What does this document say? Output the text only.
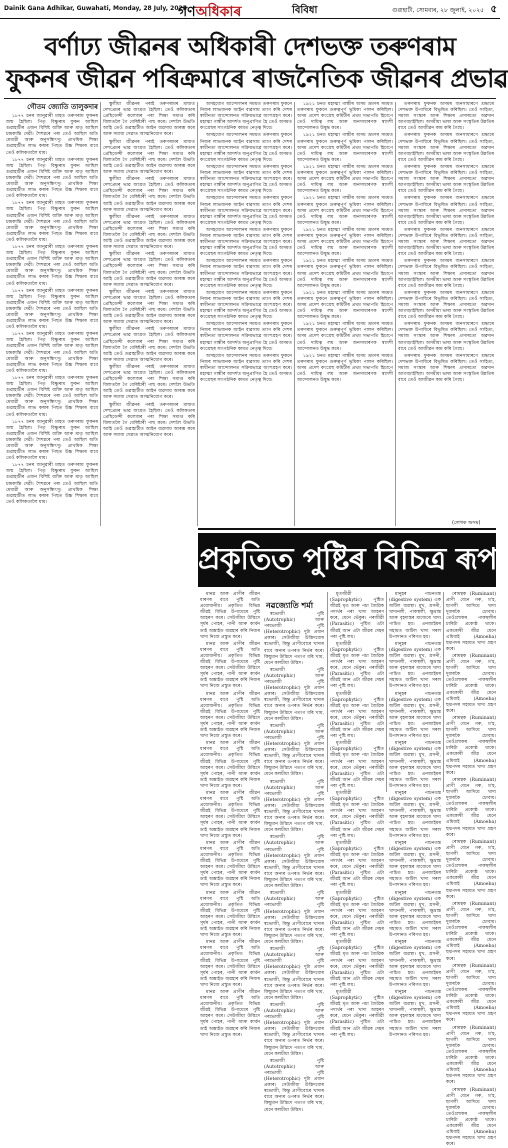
Dainik Gana Adhikar, Guwahati, Monday, 28 July, 2025
গণঅধিকাৰ	বিবিধা	গুৱাহাটী, সোমবাৰ, ২৮ জুলাই, ২০২৫ ৫
বৰ্ণাঢ্য জীৱনৰ অধিকাৰী দেশভক্ত তৰুণৰাম
ফুকনৰ জীৱন পৰিক্ৰমাৰে ৰাজনৈতিক জীৱনৰ প্ৰভাৱ
গৌতম জ্যোতি তালুকদাৰ

১৮৭৭ চনৰ জানুৱাৰী মাহত তৰুণৰাম ফুকনৰ জন্ম হৈছিল। পিতৃ বিষ্ণুৰাম ফুকন আছিল গুৱাহাটীৰ এজন বিশিষ্ট ব্যক্তি আৰু মাতৃ আছিল চন্দ্ৰকান্তি দেৱী। শৈশৱৰে পৰা তেওঁ আছিল অতি মেধাৱী আৰু অনুসন্ধিৎসু। প্ৰাথমিক শিক্ষা গুৱাহাটীত লাভ কৰাৰ পিছত উচ্চ শিক্ষাৰ বাবে তেওঁ কলিকতালৈ যায়।

১৮৭৭ চনৰ জানুৱাৰী মাহত তৰুণৰাম ফুকনৰ জন্ম হৈছিল। পিতৃ বিষ্ণুৰাম ফুকন আছিল গুৱাহাটীৰ এজন বিশিষ্ট ব্যক্তি আৰু মাতৃ আছিল চন্দ্ৰকান্তি দেৱী। শৈশৱৰে পৰা তেওঁ আছিল অতি মেধাৱী আৰু অনুসন্ধিৎসু। প্ৰাথমিক শিক্ষা গুৱাহাটীত লাভ কৰাৰ পিছত উচ্চ শিক্ষাৰ বাবে তেওঁ কলিকতালৈ যায়।

১৮৭৭ চনৰ জানুৱাৰী মাহত তৰুণৰাম ফুকনৰ জন্ম হৈছিল। পিতৃ বিষ্ণুৰাম ফুকন আছিল গুৱাহাটীৰ এজন বিশিষ্ট ব্যক্তি আৰু মাতৃ আছিল চন্দ্ৰকান্তি দেৱী। শৈশৱৰে পৰা তেওঁ আছিল অতি মেধাৱী আৰু অনুসন্ধিৎসু। প্ৰাথমিক শিক্ষা গুৱাহাটীত লাভ কৰাৰ পিছত উচ্চ শিক্ষাৰ বাবে তেওঁ কলিকতালৈ যায়।

১৮৭৭ চনৰ জানুৱাৰী মাহত তৰুণৰাম ফুকনৰ জন্ম হৈছিল। পিতৃ বিষ্ণুৰাম ফুকন আছিল গুৱাহাটীৰ এজন বিশিষ্ট ব্যক্তি আৰু মাতৃ আছিল চন্দ্ৰকান্তি দেৱী। শৈশৱৰে পৰা তেওঁ আছিল অতি মেধাৱী আৰু অনুসন্ধিৎসু। প্ৰাথমিক শিক্ষা গুৱাহাটীত লাভ কৰাৰ পিছত উচ্চ শিক্ষাৰ বাবে তেওঁ কলিকতালৈ যায়।

১৮৭৭ চনৰ জানুৱাৰী মাহত তৰুণৰাম ফুকনৰ জন্ম হৈছিল। পিতৃ বিষ্ণুৰাম ফুকন আছিল গুৱাহাটীৰ এজন বিশিষ্ট ব্যক্তি আৰু মাতৃ আছিল চন্দ্ৰকান্তি দেৱী। শৈশৱৰে পৰা তেওঁ আছিল অতি মেধাৱী আৰু অনুসন্ধিৎসু। প্ৰাথমিক শিক্ষা গুৱাহাটীত লাভ কৰাৰ পিছত উচ্চ শিক্ষাৰ বাবে তেওঁ কলিকতালৈ যায়।

১৮৭৭ চনৰ জানুৱাৰী মাহত তৰুণৰাম ফুকনৰ জন্ম হৈছিল। পিতৃ বিষ্ণুৰাম ফুকন আছিল গুৱাহাটীৰ এজন বিশিষ্ট ব্যক্তি আৰু মাতৃ আছিল চন্দ্ৰকান্তি দেৱী। শৈশৱৰে পৰা তেওঁ আছিল অতি মেধাৱী আৰু অনুসন্ধিৎসু। প্ৰাথমিক শিক্ষা গুৱাহাটীত লাভ কৰাৰ পিছত উচ্চ শিক্ষাৰ বাবে তেওঁ কলিকতালৈ যায়।

১৮৭৭ চনৰ জানুৱাৰী মাহত তৰুণৰাম ফুকনৰ জন্ম হৈছিল। পিতৃ বিষ্ণুৰাম ফুকন আছিল গুৱাহাটীৰ এজন বিশিষ্ট ব্যক্তি আৰু মাতৃ আছিল চন্দ্ৰকান্তি দেৱী। শৈশৱৰে পৰা তেওঁ আছিল অতি মেধাৱী আৰু অনুসন্ধিৎসু। প্ৰাথমিক শিক্ষা গুৱাহাটীত লাভ কৰাৰ পিছত উচ্চ শিক্ষাৰ বাবে তেওঁ কলিকতালৈ যায়।

১৮৭৭ চনৰ জানুৱাৰী মাহত তৰুণৰাম ফুকনৰ জন্ম হৈছিল। পিতৃ বিষ্ণুৰাম ফুকন আছিল গুৱাহাটীৰ এজন বিশিষ্ট ব্যক্তি আৰু মাতৃ আছিল চন্দ্ৰকান্তি দেৱী। শৈশৱৰে পৰা তেওঁ আছিল অতি মেধাৱী আৰু অনুসন্ধিৎসু। প্ৰাথমিক শিক্ষা গুৱাহাটীত লাভ কৰাৰ পিছত উচ্চ শিক্ষাৰ বাবে তেওঁ কলিকতালৈ যায়।

১৮৭৭ চনৰ জানুৱাৰী মাহত তৰুণৰাম ফুকনৰ জন্ম হৈছিল। পিতৃ বিষ্ণুৰাম ফুকন আছিল গুৱাহাটীৰ এজন বিশিষ্ট ব্যক্তি আৰু মাতৃ আছিল চন্দ্ৰকান্তি দেৱী। শৈশৱৰে পৰা তেওঁ আছিল অতি মেধাৱী আৰু অনুসন্ধিৎসু। প্ৰাথমিক শিক্ষা গুৱাহাটীত লাভ কৰাৰ পিছত উচ্চ শিক্ষাৰ বাবে তেওঁ কলিকতালৈ যায়।

স্কুলীয়া জীৱনৰ পৰাই তৰুণৰামৰ মাজত দেশপ্ৰেমৰ ভাৱ জাগ্ৰত হৈছিল। তেওঁ কলিকতাৰ প্ৰেছিডেন্সী কলেজৰ পৰা শিক্ষা সমাপ্ত কৰি বিলাতলৈ গৈ বেৰিষ্টাৰী পাছ কৰে। দেশলৈ উভতি আহি তেওঁ গুৱাহাটীত আইন ব্যৱসায় আৰম্ভ কৰে আৰু সমাজ সেৱাত আত্মনিয়োগ কৰে।

স্কুলীয়া জীৱনৰ পৰাই তৰুণৰামৰ মাজত দেশপ্ৰেমৰ ভাৱ জাগ্ৰত হৈছিল। তেওঁ কলিকতাৰ প্ৰেছিডেন্সী কলেজৰ পৰা শিক্ষা সমাপ্ত কৰি বিলাতলৈ গৈ বেৰিষ্টাৰী পাছ কৰে। দেশলৈ উভতি আহি তেওঁ গুৱাহাটীত আইন ব্যৱসায় আৰম্ভ কৰে আৰু সমাজ সেৱাত আত্মনিয়োগ কৰে।

স্কুলীয়া জীৱনৰ পৰাই তৰুণৰামৰ মাজত দেশপ্ৰেমৰ ভাৱ জাগ্ৰত হৈছিল। তেওঁ কলিকতাৰ প্ৰেছিডেন্সী কলেজৰ পৰা শিক্ষা সমাপ্ত কৰি বিলাতলৈ গৈ বেৰিষ্টাৰী পাছ কৰে। দেশলৈ উভতি আহি তেওঁ গুৱাহাটীত আইন ব্যৱসায় আৰম্ভ কৰে আৰু সমাজ সেৱাত আত্মনিয়োগ কৰে।

স্কুলীয়া জীৱনৰ পৰাই তৰুণৰামৰ মাজত দেশপ্ৰেমৰ ভাৱ জাগ্ৰত হৈছিল। তেওঁ কলিকতাৰ প্ৰেছিডেন্সী কলেজৰ পৰা শিক্ষা সমাপ্ত কৰি বিলাতলৈ গৈ বেৰিষ্টাৰী পাছ কৰে। দেশলৈ উভতি আহি তেওঁ গুৱাহাটীত আইন ব্যৱসায় আৰম্ভ কৰে আৰু সমাজ সেৱাত আত্মনিয়োগ কৰে।

স্কুলীয়া জীৱনৰ পৰাই তৰুণৰামৰ মাজত দেশপ্ৰেমৰ ভাৱ জাগ্ৰত হৈছিল। তেওঁ কলিকতাৰ প্ৰেছিডেন্সী কলেজৰ পৰা শিক্ষা সমাপ্ত কৰি বিলাতলৈ গৈ বেৰিষ্টাৰী পাছ কৰে। দেশলৈ উভতি আহি তেওঁ গুৱাহাটীত আইন ব্যৱসায় আৰম্ভ কৰে আৰু সমাজ সেৱাত আত্মনিয়োগ কৰে।

স্কুলীয়া জীৱনৰ পৰাই তৰুণৰামৰ মাজত দেশপ্ৰেমৰ ভাৱ জাগ্ৰত হৈছিল। তেওঁ কলিকতাৰ প্ৰেছিডেন্সী কলেজৰ পৰা শিক্ষা সমাপ্ত কৰি বিলাতলৈ গৈ বেৰিষ্টাৰী পাছ কৰে। দেশলৈ উভতি আহি তেওঁ গুৱাহাটীত আইন ব্যৱসায় আৰম্ভ কৰে আৰু সমাজ সেৱাত আত্মনিয়োগ কৰে।

স্কুলীয়া জীৱনৰ পৰাই তৰুণৰামৰ মাজত দেশপ্ৰেমৰ ভাৱ জাগ্ৰত হৈছিল। তেওঁ কলিকতাৰ প্ৰেছিডেন্সী কলেজৰ পৰা শিক্ষা সমাপ্ত কৰি বিলাতলৈ গৈ বেৰিষ্টাৰী পাছ কৰে। দেশলৈ উভতি আহি তেওঁ গুৱাহাটীত আইন ব্যৱসায় আৰম্ভ কৰে আৰু সমাজ সেৱাত আত্মনিয়োগ কৰে।

স্কুলীয়া জীৱনৰ পৰাই তৰুণৰামৰ মাজত দেশপ্ৰেমৰ ভাৱ জাগ্ৰত হৈছিল। তেওঁ কলিকতাৰ প্ৰেছিডেন্সী কলেজৰ পৰা শিক্ষা সমাপ্ত কৰি বিলাতলৈ গৈ বেৰিষ্টাৰী পাছ কৰে। দেশলৈ উভতি আহি তেওঁ গুৱাহাটীত আইন ব্যৱসায় আৰম্ভ কৰে আৰু সমাজ সেৱাত আত্মনিয়োগ কৰে।

স্কুলীয়া জীৱনৰ পৰাই তৰুণৰামৰ মাজত দেশপ্ৰেমৰ ভাৱ জাগ্ৰত হৈছিল। তেওঁ কলিকতাৰ প্ৰেছিডেন্সী কলেজৰ পৰা শিক্ষা সমাপ্ত কৰি বিলাতলৈ গৈ বেৰিষ্টাৰী পাছ কৰে। দেশলৈ উভতি আহি তেওঁ গুৱাহাটীত আইন ব্যৱসায় আৰম্ভ কৰে আৰু সমাজ সেৱাত আত্মনিয়োগ কৰে।

অসহযোগ আন্দোলনৰ সময়ত তৰুণৰাম ফুকনে নিজৰ লাভজনক আইন ব্যৱসায় ত্যাগ কৰি দেশৰ স্বাধীনতা আন্দোলনত সক্ৰিয়ভাৱে অংশগ্ৰহণ কৰে। মহাত্মা গান্ধীৰ আদৰ্শত অনুপ্ৰাণিত হৈ তেওঁ অসমত কংগ্ৰেছৰ সাংগঠনিক কামত নেতৃত্ব দিয়ে।

অসহযোগ আন্দোলনৰ সময়ত তৰুণৰাম ফুকনে নিজৰ লাভজনক আইন ব্যৱসায় ত্যাগ কৰি দেশৰ স্বাধীনতা আন্দোলনত সক্ৰিয়ভাৱে অংশগ্ৰহণ কৰে। মহাত্মা গান্ধীৰ আদৰ্শত অনুপ্ৰাণিত হৈ তেওঁ অসমত কংগ্ৰেছৰ সাংগঠনিক কামত নেতৃত্ব দিয়ে।

অসহযোগ আন্দোলনৰ সময়ত তৰুণৰাম ফুকনে নিজৰ লাভজনক আইন ব্যৱসায় ত্যাগ কৰি দেশৰ স্বাধীনতা আন্দোলনত সক্ৰিয়ভাৱে অংশগ্ৰহণ কৰে। মহাত্মা গান্ধীৰ আদৰ্শত অনুপ্ৰাণিত হৈ তেওঁ অসমত কংগ্ৰেছৰ সাংগঠনিক কামত নেতৃত্ব দিয়ে।

অসহযোগ আন্দোলনৰ সময়ত তৰুণৰাম ফুকনে নিজৰ লাভজনক আইন ব্যৱসায় ত্যাগ কৰি দেশৰ স্বাধীনতা আন্দোলনত সক্ৰিয়ভাৱে অংশগ্ৰহণ কৰে। মহাত্মা গান্ধীৰ আদৰ্শত অনুপ্ৰাণিত হৈ তেওঁ অসমত কংগ্ৰেছৰ সাংগঠনিক কামত নেতৃত্ব দিয়ে।

অসহযোগ আন্দোলনৰ সময়ত তৰুণৰাম ফুকনে নিজৰ লাভজনক আইন ব্যৱসায় ত্যাগ কৰি দেশৰ স্বাধীনতা আন্দোলনত সক্ৰিয়ভাৱে অংশগ্ৰহণ কৰে। মহাত্মা গান্ধীৰ আদৰ্শত অনুপ্ৰাণিত হৈ তেওঁ অসমত কংগ্ৰেছৰ সাংগঠনিক কামত নেতৃত্ব দিয়ে।

অসহযোগ আন্দোলনৰ সময়ত তৰুণৰাম ফুকনে নিজৰ লাভজনক আইন ব্যৱসায় ত্যাগ কৰি দেশৰ স্বাধীনতা আন্দোলনত সক্ৰিয়ভাৱে অংশগ্ৰহণ কৰে। মহাত্মা গান্ধীৰ আদৰ্শত অনুপ্ৰাণিত হৈ তেওঁ অসমত কংগ্ৰেছৰ সাংগঠনিক কামত নেতৃত্ব দিয়ে।

অসহযোগ আন্দোলনৰ সময়ত তৰুণৰাম ফুকনে নিজৰ লাভজনক আইন ব্যৱসায় ত্যাগ কৰি দেশৰ স্বাধীনতা আন্দোলনত সক্ৰিয়ভাৱে অংশগ্ৰহণ কৰে। মহাত্মা গান্ধীৰ আদৰ্শত অনুপ্ৰাণিত হৈ তেওঁ অসমত কংগ্ৰেছৰ সাংগঠনিক কামত নেতৃত্ব দিয়ে।

অসহযোগ আন্দোলনৰ সময়ত তৰুণৰাম ফুকনে নিজৰ লাভজনক আইন ব্যৱসায় ত্যাগ কৰি দেশৰ স্বাধীনতা আন্দোলনত সক্ৰিয়ভাৱে অংশগ্ৰহণ কৰে। মহাত্মা গান্ধীৰ আদৰ্শত অনুপ্ৰাণিত হৈ তেওঁ অসমত কংগ্ৰেছৰ সাংগঠনিক কামত নেতৃত্ব দিয়ে।

অসহযোগ আন্দোলনৰ সময়ত তৰুণৰাম ফুকনে নিজৰ লাভজনক আইন ব্যৱসায় ত্যাগ কৰি দেশৰ স্বাধীনতা আন্দোলনত সক্ৰিয়ভাৱে অংশগ্ৰহণ কৰে। মহাত্মা গান্ধীৰ আদৰ্শত অনুপ্ৰাণিত হৈ তেওঁ অসমত কংগ্ৰেছৰ সাংগঠনিক কামত নেতৃত্ব দিয়ে।

১৯২১ চনত মহাত্মা গান্ধীৰ অসম ভ্ৰমণৰ সময়ত তৰুণৰাম ফুকনে গুৰুত্বপূৰ্ণ ভূমিকা পালন কৰিছিল। অসম প্ৰদেশ কংগ্ৰেছ কমিটীৰ প্ৰথম সভাপতি হিচাপে তেওঁ দায়িত্ব লয় আৰু জনসাধাৰণক স্বদেশী আন্দোলনত উদ্বুদ্ধ কৰে।

১৯২১ চনত মহাত্মা গান্ধীৰ অসম ভ্ৰমণৰ সময়ত তৰুণৰাম ফুকনে গুৰুত্বপূৰ্ণ ভূমিকা পালন কৰিছিল। অসম প্ৰদেশ কংগ্ৰেছ কমিটীৰ প্ৰথম সভাপতি হিচাপে তেওঁ দায়িত্ব লয় আৰু জনসাধাৰণক স্বদেশী আন্দোলনত উদ্বুদ্ধ কৰে।

১৯২১ চনত মহাত্মা গান্ধীৰ অসম ভ্ৰমণৰ সময়ত তৰুণৰাম ফুকনে গুৰুত্বপূৰ্ণ ভূমিকা পালন কৰিছিল। অসম প্ৰদেশ কংগ্ৰেছ কমিটীৰ প্ৰথম সভাপতি হিচাপে তেওঁ দায়িত্ব লয় আৰু জনসাধাৰণক স্বদেশী আন্দোলনত উদ্বুদ্ধ কৰে।

১৯২১ চনত মহাত্মা গান্ধীৰ অসম ভ্ৰমণৰ সময়ত তৰুণৰাম ফুকনে গুৰুত্বপূৰ্ণ ভূমিকা পালন কৰিছিল। অসম প্ৰদেশ কংগ্ৰেছ কমিটীৰ প্ৰথম সভাপতি হিচাপে তেওঁ দায়িত্ব লয় আৰু জনসাধাৰণক স্বদেশী আন্দোলনত উদ্বুদ্ধ কৰে।

১৯২১ চনত মহাত্মা গান্ধীৰ অসম ভ্ৰমণৰ সময়ত তৰুণৰাম ফুকনে গুৰুত্বপূৰ্ণ ভূমিকা পালন কৰিছিল। অসম প্ৰদেশ কংগ্ৰেছ কমিটীৰ প্ৰথম সভাপতি হিচাপে তেওঁ দায়িত্ব লয় আৰু জনসাধাৰণক স্বদেশী আন্দোলনত উদ্বুদ্ধ কৰে।

১৯২১ চনত মহাত্মা গান্ধীৰ অসম ভ্ৰমণৰ সময়ত তৰুণৰাম ফুকনে গুৰুত্বপূৰ্ণ ভূমিকা পালন কৰিছিল। অসম প্ৰদেশ কংগ্ৰেছ কমিটীৰ প্ৰথম সভাপতি হিচাপে তেওঁ দায়িত্ব লয় আৰু জনসাধাৰণক স্বদেশী আন্দোলনত উদ্বুদ্ধ কৰে।

১৯২১ চনত মহাত্মা গান্ধীৰ অসম ভ্ৰমণৰ সময়ত তৰুণৰাম ফুকনে গুৰুত্বপূৰ্ণ ভূমিকা পালন কৰিছিল। অসম প্ৰদেশ কংগ্ৰেছ কমিটীৰ প্ৰথম সভাপতি হিচাপে তেওঁ দায়িত্ব লয় আৰু জনসাধাৰণক স্বদেশী আন্দোলনত উদ্বুদ্ধ কৰে।

১৯২১ চনত মহাত্মা গান্ধীৰ অসম ভ্ৰমণৰ সময়ত তৰুণৰাম ফুকনে গুৰুত্বপূৰ্ণ ভূমিকা পালন কৰিছিল। অসম প্ৰদেশ কংগ্ৰেছ কমিটীৰ প্ৰথম সভাপতি হিচাপে তেওঁ দায়িত্ব লয় আৰু জনসাধাৰণক স্বদেশী আন্দোলনত উদ্বুদ্ধ কৰে।

১৯২১ চনত মহাত্মা গান্ধীৰ অসম ভ্ৰমণৰ সময়ত তৰুণৰাম ফুকনে গুৰুত্বপূৰ্ণ ভূমিকা পালন কৰিছিল। অসম প্ৰদেশ কংগ্ৰেছ কমিটীৰ প্ৰথম সভাপতি হিচাপে তেওঁ দায়িত্ব লয় আৰু জনসাধাৰণক স্বদেশী আন্দোলনত উদ্বুদ্ধ কৰে।

তৰুণৰাম ফুকনক অসমৰ জনসাধাৰণে শ্ৰদ্ধাৰে দেশভক্ত উপাধিৰে বিভূষিত কৰিছিল। তেওঁ সাহিত্য, সমাজ সংস্কাৰ আৰু শিক্ষাৰ প্ৰসাৰতো অৱদান আগবঢ়াইছিল। অসমীয়া ভাষা আৰু সংস্কৃতিৰ উন্নতিৰ বাবে তেওঁ আজীৱন কাম কৰি গৈছে।

তৰুণৰাম ফুকনক অসমৰ জনসাধাৰণে শ্ৰদ্ধাৰে দেশভক্ত উপাধিৰে বিভূষিত কৰিছিল। তেওঁ সাহিত্য, সমাজ সংস্কাৰ আৰু শিক্ষাৰ প্ৰসাৰতো অৱদান আগবঢ়াইছিল। অসমীয়া ভাষা আৰু সংস্কৃতিৰ উন্নতিৰ বাবে তেওঁ আজীৱন কাম কৰি গৈছে।

তৰুণৰাম ফুকনক অসমৰ জনসাধাৰণে শ্ৰদ্ধাৰে দেশভক্ত উপাধিৰে বিভূষিত কৰিছিল। তেওঁ সাহিত্য, সমাজ সংস্কাৰ আৰু শিক্ষাৰ প্ৰসাৰতো অৱদান আগবঢ়াইছিল। অসমীয়া ভাষা আৰু সংস্কৃতিৰ উন্নতিৰ বাবে তেওঁ আজীৱন কাম কৰি গৈছে।

তৰুণৰাম ফুকনক অসমৰ জনসাধাৰণে শ্ৰদ্ধাৰে দেশভক্ত উপাধিৰে বিভূষিত কৰিছিল। তেওঁ সাহিত্য, সমাজ সংস্কাৰ আৰু শিক্ষাৰ প্ৰসাৰতো অৱদান আগবঢ়াইছিল। অসমীয়া ভাষা আৰু সংস্কৃতিৰ উন্নতিৰ বাবে তেওঁ আজীৱন কাম কৰি গৈছে।

তৰুণৰাম ফুকনক অসমৰ জনসাধাৰণে শ্ৰদ্ধাৰে দেশভক্ত উপাধিৰে বিভূষিত কৰিছিল। তেওঁ সাহিত্য, সমাজ সংস্কাৰ আৰু শিক্ষাৰ প্ৰসাৰতো অৱদান আগবঢ়াইছিল। অসমীয়া ভাষা আৰু সংস্কৃতিৰ উন্নতিৰ বাবে তেওঁ আজীৱন কাম কৰি গৈছে।

তৰুণৰাম ফুকনক অসমৰ জনসাধাৰণে শ্ৰদ্ধাৰে দেশভক্ত উপাধিৰে বিভূষিত কৰিছিল। তেওঁ সাহিত্য, সমাজ সংস্কাৰ আৰু শিক্ষাৰ প্ৰসাৰতো অৱদান আগবঢ়াইছিল। অসমীয়া ভাষা আৰু সংস্কৃতিৰ উন্নতিৰ বাবে তেওঁ আজীৱন কাম কৰি গৈছে।

তৰুণৰাম ফুকনক অসমৰ জনসাধাৰণে শ্ৰদ্ধাৰে দেশভক্ত উপাধিৰে বিভূষিত কৰিছিল। তেওঁ সাহিত্য, সমাজ সংস্কাৰ আৰু শিক্ষাৰ প্ৰসাৰতো অৱদান আগবঢ়াইছিল। অসমীয়া ভাষা আৰু সংস্কৃতিৰ উন্নতিৰ বাবে তেওঁ আজীৱন কাম কৰি গৈছে।

তৰুণৰাম ফুকনক অসমৰ জনসাধাৰণে শ্ৰদ্ধাৰে দেশভক্ত উপাধিৰে বিভূষিত কৰিছিল। তেওঁ সাহিত্য, সমাজ সংস্কাৰ আৰু শিক্ষাৰ প্ৰসাৰতো অৱদান আগবঢ়াইছিল। অসমীয়া ভাষা আৰু সংস্কৃতিৰ উন্নতিৰ বাবে তেওঁ আজীৱন কাম কৰি গৈছে।

তৰুণৰাম ফুকনক অসমৰ জনসাধাৰণে শ্ৰদ্ধাৰে দেশভক্ত উপাধিৰে বিভূষিত কৰিছিল। তেওঁ সাহিত্য, সমাজ সংস্কাৰ আৰু শিক্ষাৰ প্ৰসাৰতো অৱদান আগবঢ়াইছিল। অসমীয়া ভাষা আৰু সংস্কৃতিৰ উন্নতিৰ বাবে তেওঁ আজীৱন কাম কৰি গৈছে।

(লেখক অসম)
প্ৰকৃতিত পুষ্টিৰ বিচিত্ৰ ৰূপ

মানৱ আৰু প্ৰাণীৰ জীৱন ধাৰণৰ বাবে পুষ্টি অতি প্ৰয়োজনীয়। প্ৰকৃতিত বিভিন্ন জীৱই বিভিন্ন উপায়েৰে পুষ্টি আহৰণ কৰে। সেউজীয়া উদ্ভিদে সূৰ্যৰ পোহৰ, পানী আৰু কাৰ্বন ডাই অক্সাইড ব্যৱহাৰ কৰি নিজৰ খাদ্য নিজে প্ৰস্তুত কৰে।

মানৱ আৰু প্ৰাণীৰ জীৱন ধাৰণৰ বাবে পুষ্টি অতি প্ৰয়োজনীয়। প্ৰকৃতিত বিভিন্ন জীৱই বিভিন্ন উপায়েৰে পুষ্টি আহৰণ কৰে। সেউজীয়া উদ্ভিদে সূৰ্যৰ পোহৰ, পানী আৰু কাৰ্বন ডাই অক্সাইড ব্যৱহাৰ কৰি নিজৰ খাদ্য নিজে প্ৰস্তুত কৰে।

মানৱ আৰু প্ৰাণীৰ জীৱন ধাৰণৰ বাবে পুষ্টি অতি প্ৰয়োজনীয়। প্ৰকৃতিত বিভিন্ন জীৱই বিভিন্ন উপায়েৰে পুষ্টি আহৰণ কৰে। সেউজীয়া উদ্ভিদে সূৰ্যৰ পোহৰ, পানী আৰু কাৰ্বন ডাই অক্সাইড ব্যৱহাৰ কৰি নিজৰ খাদ্য নিজে প্ৰস্তুত কৰে।

মানৱ আৰু প্ৰাণীৰ জীৱন ধাৰণৰ বাবে পুষ্টি অতি প্ৰয়োজনীয়। প্ৰকৃতিত বিভিন্ন জীৱই বিভিন্ন উপায়েৰে পুষ্টি আহৰণ কৰে। সেউজীয়া উদ্ভিদে সূৰ্যৰ পোহৰ, পানী আৰু কাৰ্বন ডাই অক্সাইড ব্যৱহাৰ কৰি নিজৰ খাদ্য নিজে প্ৰস্তুত কৰে।

মানৱ আৰু প্ৰাণীৰ জীৱন ধাৰণৰ বাবে পুষ্টি অতি প্ৰয়োজনীয়। প্ৰকৃতিত বিভিন্ন জীৱই বিভিন্ন উপায়েৰে পুষ্টি আহৰণ কৰে। সেউজীয়া উদ্ভিদে সূৰ্যৰ পোহৰ, পানী আৰু কাৰ্বন ডাই অক্সাইড ব্যৱহাৰ কৰি নিজৰ খাদ্য নিজে প্ৰস্তুত কৰে।

মানৱ আৰু প্ৰাণীৰ জীৱন ধাৰণৰ বাবে পুষ্টি অতি প্ৰয়োজনীয়। প্ৰকৃতিত বিভিন্ন জীৱই বিভিন্ন উপায়েৰে পুষ্টি আহৰণ কৰে। সেউজীয়া উদ্ভিদে সূৰ্যৰ পোহৰ, পানী আৰু কাৰ্বন ডাই অক্সাইড ব্যৱহাৰ কৰি নিজৰ খাদ্য নিজে প্ৰস্তুত কৰে।

মানৱ আৰু প্ৰাণীৰ জীৱন ধাৰণৰ বাবে পুষ্টি অতি প্ৰয়োজনীয়। প্ৰকৃতিত বিভিন্ন জীৱই বিভিন্ন উপায়েৰে পুষ্টি আহৰণ কৰে। সেউজীয়া উদ্ভিদে সূৰ্যৰ পোহৰ, পানী আৰু কাৰ্বন ডাই অক্সাইড ব্যৱহাৰ কৰি নিজৰ খাদ্য নিজে প্ৰস্তুত কৰে।

মানৱ আৰু প্ৰাণীৰ জীৱন ধাৰণৰ বাবে পুষ্টি অতি প্ৰয়োজনীয়। প্ৰকৃতিত বিভিন্ন জীৱই বিভিন্ন উপায়েৰে পুষ্টি আহৰণ কৰে। সেউজীয়া উদ্ভিদে সূৰ্যৰ পোহৰ, পানী আৰু কাৰ্বন ডাই অক্সাইড ব্যৱহাৰ কৰি নিজৰ খাদ্য নিজে প্ৰস্তুত কৰে।

মানৱ আৰু প্ৰাণীৰ জীৱন ধাৰণৰ বাবে পুষ্টি অতি প্ৰয়োজনীয়। প্ৰকৃতিত বিভিন্ন জীৱই বিভিন্ন উপায়েৰে পুষ্টি আহৰণ কৰে। সেউজীয়া উদ্ভিদে সূৰ্যৰ পোহৰ, পানী আৰু কাৰ্বন ডাই অক্সাইড ব্যৱহাৰ কৰি নিজৰ খাদ্য নিজে প্ৰস্তুত কৰে।

নৱজ্যোতি শৰ্মা

স্বভোজী পুষ্টি (Autotrophic) আৰু পৰভোজী পুষ্টি (Heterotrophic) দুটা প্ৰধান প্ৰকাৰ। সেউজীয়া উদ্ভিদবোৰ স্বভোজী, কিন্তু প্ৰাণীবোৰে খাদ্যৰ বাবে অন্যৰ ওপৰত নিৰ্ভৰ কৰে। কিছুমান উদ্ভিদে পতংগ ধৰি খায়, যেনে কলচীয়া উদ্ভিদ।

স্বভোজী পুষ্টি (Autotrophic) আৰু পৰভোজী পুষ্টি (Heterotrophic) দুটা প্ৰধান প্ৰকাৰ। সেউজীয়া উদ্ভিদবোৰ স্বভোজী, কিন্তু প্ৰাণীবোৰে খাদ্যৰ বাবে অন্যৰ ওপৰত নিৰ্ভৰ কৰে। কিছুমান উদ্ভিদে পতংগ ধৰি খায়, যেনে কলচীয়া উদ্ভিদ।

স্বভোজী পুষ্টি (Autotrophic) আৰু পৰভোজী পুষ্টি (Heterotrophic) দুটা প্ৰধান প্ৰকাৰ। সেউজীয়া উদ্ভিদবোৰ স্বভোজী, কিন্তু প্ৰাণীবোৰে খাদ্যৰ বাবে অন্যৰ ওপৰত নিৰ্ভৰ কৰে। কিছুমান উদ্ভিদে পতংগ ধৰি খায়, যেনে কলচীয়া উদ্ভিদ।

স্বভোজী পুষ্টি (Autotrophic) আৰু পৰভোজী পুষ্টি (Heterotrophic) দুটা প্ৰধান প্ৰকাৰ। সেউজীয়া উদ্ভিদবোৰ স্বভোজী, কিন্তু প্ৰাণীবোৰে খাদ্যৰ বাবে অন্যৰ ওপৰত নিৰ্ভৰ কৰে। কিছুমান উদ্ভিদে পতংগ ধৰি খায়, যেনে কলচীয়া উদ্ভিদ।

স্বভোজী পুষ্টি (Autotrophic) আৰু পৰভোজী পুষ্টি (Heterotrophic) দুটা প্ৰধান প্ৰকাৰ। সেউজীয়া উদ্ভিদবোৰ স্বভোজী, কিন্তু প্ৰাণীবোৰে খাদ্যৰ বাবে অন্যৰ ওপৰত নিৰ্ভৰ কৰে। কিছুমান উদ্ভিদে পতংগ ধৰি খায়, যেনে কলচীয়া উদ্ভিদ।

স্বভোজী পুষ্টি (Autotrophic) আৰু পৰভোজী পুষ্টি (Heterotrophic) দুটা প্ৰধান প্ৰকাৰ। সেউজীয়া উদ্ভিদবোৰ স্বভোজী, কিন্তু প্ৰাণীবোৰে খাদ্যৰ বাবে অন্যৰ ওপৰত নিৰ্ভৰ কৰে। কিছুমান উদ্ভিদে পতংগ ধৰি খায়, যেনে কলচীয়া উদ্ভিদ।

স্বভোজী পুষ্টি (Autotrophic) আৰু পৰভোজী পুষ্টি (Heterotrophic) দুটা প্ৰধান প্ৰকাৰ। সেউজীয়া উদ্ভিদবোৰ স্বভোজী, কিন্তু প্ৰাণীবোৰে খাদ্যৰ বাবে অন্যৰ ওপৰত নিৰ্ভৰ কৰে। কিছুমান উদ্ভিদে পতংগ ধৰি খায়, যেনে কলচীয়া উদ্ভিদ।

স্বভোজী পুষ্টি (Autotrophic) আৰু পৰভোজী পুষ্টি (Heterotrophic) দুটা প্ৰধান প্ৰকাৰ। সেউজীয়া উদ্ভিদবোৰ স্বভোজী, কিন্তু প্ৰাণীবোৰে খাদ্যৰ বাবে অন্যৰ ওপৰত নিৰ্ভৰ কৰে। কিছুমান উদ্ভিদে পতংগ ধৰি খায়, যেনে কলচীয়া উদ্ভিদ।

স্বভোজী পুষ্টি (Autotrophic) আৰু পৰভোজী পুষ্টি (Heterotrophic) দুটা প্ৰধান প্ৰকাৰ। সেউজীয়া উদ্ভিদবোৰ স্বভোজী, কিন্তু প্ৰাণীবোৰে খাদ্যৰ বাবে অন্যৰ ওপৰত নিৰ্ভৰ কৰে। কিছুমান উদ্ভিদে পতংগ ধৰি খায়, যেনে কলচীয়া উদ্ভিদ।

মূতজীৱী (Saprophytic) পুষ্টিত জীৱই মৃত আৰু পচা জৈৱিক পদাৰ্থৰ পৰা খাদ্য আহৰণ কৰে, যেনে ভেঁকুৰ। পৰজীৱী (Parasitic) পুষ্টিত এটা জীৱই আন এটা জীৱৰ দেহৰ পৰা পুষ্টি লয়।

মূতজীৱী (Saprophytic) পুষ্টিত জীৱই মৃত আৰু পচা জৈৱিক পদাৰ্থৰ পৰা খাদ্য আহৰণ কৰে, যেনে ভেঁকুৰ। পৰজীৱী (Parasitic) পুষ্টিত এটা জীৱই আন এটা জীৱৰ দেহৰ পৰা পুষ্টি লয়।

মূতজীৱী (Saprophytic) পুষ্টিত জীৱই মৃত আৰু পচা জৈৱিক পদাৰ্থৰ পৰা খাদ্য আহৰণ কৰে, যেনে ভেঁকুৰ। পৰজীৱী (Parasitic) পুষ্টিত এটা জীৱই আন এটা জীৱৰ দেহৰ পৰা পুষ্টি লয়।

মূতজীৱী (Saprophytic) পুষ্টিত জীৱই মৃত আৰু পচা জৈৱিক পদাৰ্থৰ পৰা খাদ্য আহৰণ কৰে, যেনে ভেঁকুৰ। পৰজীৱী (Parasitic) পুষ্টিত এটা জীৱই আন এটা জীৱৰ দেহৰ পৰা পুষ্টি লয়।

মূতজীৱী (Saprophytic) পুষ্টিত জীৱই মৃত আৰু পচা জৈৱিক পদাৰ্থৰ পৰা খাদ্য আহৰণ কৰে, যেনে ভেঁকুৰ। পৰজীৱী (Parasitic) পুষ্টিত এটা জীৱই আন এটা জীৱৰ দেহৰ পৰা পুষ্টি লয়।

মূতজীৱী (Saprophytic) পুষ্টিত জীৱই মৃত আৰু পচা জৈৱিক পদাৰ্থৰ পৰা খাদ্য আহৰণ কৰে, যেনে ভেঁকুৰ। পৰজীৱী (Parasitic) পুষ্টিত এটা জীৱই আন এটা জীৱৰ দেহৰ পৰা পুষ্টি লয়।

মূতজীৱী (Saprophytic) পুষ্টিত জীৱই মৃত আৰু পচা জৈৱিক পদাৰ্থৰ পৰা খাদ্য আহৰণ কৰে, যেনে ভেঁকুৰ। পৰজীৱী (Parasitic) পুষ্টিত এটা জীৱই আন এটা জীৱৰ দেহৰ পৰা পুষ্টি লয়।

মূতজীৱী (Saprophytic) পুষ্টিত জীৱই মৃত আৰু পচা জৈৱিক পদাৰ্থৰ পৰা খাদ্য আহৰণ কৰে, যেনে ভেঁকুৰ। পৰজীৱী (Parasitic) পুষ্টিত এটা জীৱই আন এটা জীৱৰ দেহৰ পৰা পুষ্টি লয়।

মূতজীৱী (Saprophytic) পুষ্টিত জীৱই মৃত আৰু পচা জৈৱিক পদাৰ্থৰ পৰা খাদ্য আহৰণ কৰে, যেনে ভেঁকুৰ। পৰজীৱী (Parasitic) পুষ্টিত এটা জীৱই আন এটা জীৱৰ দেহৰ পৰা পুষ্টি লয়।

মানুহৰ পাচনতন্ত্ৰ (digestive system) এক জটিল ব্যৱস্থা। মুখ, গ্ৰসনী, খাদ্যনলী, পাকস্থলী, ক্ষুদ্ৰান্ত্ৰ আৰু বৃহদান্ত্ৰৰ মাজেৰে খাদ্য পাচিত হয়। এনজাইমৰ সহায়ত জটিল খাদ্য সৰল উপাদানত পৰিণত হয়।

মানুহৰ পাচনতন্ত্ৰ (digestive system) এক জটিল ব্যৱস্থা। মুখ, গ্ৰসনী, খাদ্যনলী, পাকস্থলী, ক্ষুদ্ৰান্ত্ৰ আৰু বৃহদান্ত্ৰৰ মাজেৰে খাদ্য পাচিত হয়। এনজাইমৰ সহায়ত জটিল খাদ্য সৰল উপাদানত পৰিণত হয়।

মানুহৰ পাচনতন্ত্ৰ (digestive system) এক জটিল ব্যৱস্থা। মুখ, গ্ৰসনী, খাদ্যনলী, পাকস্থলী, ক্ষুদ্ৰান্ত্ৰ আৰু বৃহদান্ত্ৰৰ মাজেৰে খাদ্য পাচিত হয়। এনজাইমৰ সহায়ত জটিল খাদ্য সৰল উপাদানত পৰিণত হয়।

মানুহৰ পাচনতন্ত্ৰ (digestive system) এক জটিল ব্যৱস্থা। মুখ, গ্ৰসনী, খাদ্যনলী, পাকস্থলী, ক্ষুদ্ৰান্ত্ৰ আৰু বৃহদান্ত্ৰৰ মাজেৰে খাদ্য পাচিত হয়। এনজাইমৰ সহায়ত জটিল খাদ্য সৰল উপাদানত পৰিণত হয়।

মানুহৰ পাচনতন্ত্ৰ (digestive system) এক জটিল ব্যৱস্থা। মুখ, গ্ৰসনী, খাদ্যনলী, পাকস্থলী, ক্ষুদ্ৰান্ত্ৰ আৰু বৃহদান্ত্ৰৰ মাজেৰে খাদ্য পাচিত হয়। এনজাইমৰ সহায়ত জটিল খাদ্য সৰল উপাদানত পৰিণত হয়।

মানুহৰ পাচনতন্ত্ৰ (digestive system) এক জটিল ব্যৱস্থা। মুখ, গ্ৰসনী, খাদ্যনলী, পাকস্থলী, ক্ষুদ্ৰান্ত্ৰ আৰু বৃহদান্ত্ৰৰ মাজেৰে খাদ্য পাচিত হয়। এনজাইমৰ সহায়ত জটিল খাদ্য সৰল উপাদানত পৰিণত হয়।

মানুহৰ পাচনতন্ত্ৰ (digestive system) এক জটিল ব্যৱস্থা। মুখ, গ্ৰসনী, খাদ্যনলী, পাকস্থলী, ক্ষুদ্ৰান্ত্ৰ আৰু বৃহদান্ত্ৰৰ মাজেৰে খাদ্য পাচিত হয়। এনজাইমৰ সহায়ত জটিল খাদ্য সৰল উপাদানত পৰিণত হয়।

মানুহৰ পাচনতন্ত্ৰ (digestive system) এক জটিল ব্যৱস্থা। মুখ, গ্ৰসনী, খাদ্যনলী, পাকস্থলী, ক্ষুদ্ৰান্ত্ৰ আৰু বৃহদান্ত্ৰৰ মাজেৰে খাদ্য পাচিত হয়। এনজাইমৰ সহায়ত জটিল খাদ্য সৰল উপাদানত পৰিণত হয়।

মানুহৰ পাচনতন্ত্ৰ (digestive system) এক জটিল ব্যৱস্থা। মুখ, গ্ৰসনী, খাদ্যনলী, পাকস্থলী, ক্ষুদ্ৰান্ত্ৰ আৰু বৃহদান্ত্ৰৰ মাজেৰে খাদ্য পাচিত হয়। এনজাইমৰ সহায়ত জটিল খাদ্য সৰল উপাদানত পৰিণত হয়।

ৰোমন্থক (Ruminant) প্ৰাণী যেনে গৰু, ম'হ, ছাগলী আদিয়ে খাদ্য দুবাৰকৈ চোবায়। তেওঁলোকৰ পাকস্থলীৰ চাৰিটা প্ৰকোষ্ঠ থাকে। এককোষী জীৱ যেনে এমিবাই (Amoeba) ছদ্মপদৰ সহায়ত খাদ্য গ্ৰহণ কৰে।

ৰোমন্থক (Ruminant) প্ৰাণী যেনে গৰু, ম'হ, ছাগলী আদিয়ে খাদ্য দুবাৰকৈ চোবায়। তেওঁলোকৰ পাকস্থলীৰ চাৰিটা প্ৰকোষ্ঠ থাকে। এককোষী জীৱ যেনে এমিবাই (Amoeba) ছদ্মপদৰ সহায়ত খাদ্য গ্ৰহণ কৰে।

ৰোমন্থক (Ruminant) প্ৰাণী যেনে গৰু, ম'হ, ছাগলী আদিয়ে খাদ্য দুবাৰকৈ চোবায়। তেওঁলোকৰ পাকস্থলীৰ চাৰিটা প্ৰকোষ্ঠ থাকে। এককোষী জীৱ যেনে এমিবাই (Amoeba) ছদ্মপদৰ সহায়ত খাদ্য গ্ৰহণ কৰে।

ৰোমন্থক (Ruminant) প্ৰাণী যেনে গৰু, ম'হ, ছাগলী আদিয়ে খাদ্য দুবাৰকৈ চোবায়। তেওঁলোকৰ পাকস্থলীৰ চাৰিটা প্ৰকোষ্ঠ থাকে। এককোষী জীৱ যেনে এমিবাই (Amoeba) ছদ্মপদৰ সহায়ত খাদ্য গ্ৰহণ কৰে।

ৰোমন্থক (Ruminant) প্ৰাণী যেনে গৰু, ম'হ, ছাগলী আদিয়ে খাদ্য দুবাৰকৈ চোবায়। তেওঁলোকৰ পাকস্থলীৰ চাৰিটা প্ৰকোষ্ঠ থাকে। এককোষী জীৱ যেনে এমিবাই (Amoeba) ছদ্মপদৰ সহায়ত খাদ্য গ্ৰহণ কৰে।

ৰোমন্থক (Ruminant) প্ৰাণী যেনে গৰু, ম'হ, ছাগলী আদিয়ে খাদ্য দুবাৰকৈ চোবায়। তেওঁলোকৰ পাকস্থলীৰ চাৰিটা প্ৰকোষ্ঠ থাকে। এককোষী জীৱ যেনে এমিবাই (Amoeba) ছদ্মপদৰ সহায়ত খাদ্য গ্ৰহণ কৰে।

ৰোমন্থক (Ruminant) প্ৰাণী যেনে গৰু, ম'হ, ছাগলী আদিয়ে খাদ্য দুবাৰকৈ চোবায়। তেওঁলোকৰ পাকস্থলীৰ চাৰিটা প্ৰকোষ্ঠ থাকে। এককোষী জীৱ যেনে এমিবাই (Amoeba) ছদ্মপদৰ সহায়ত খাদ্য গ্ৰহণ কৰে।

ৰোমন্থক (Ruminant) প্ৰাণী যেনে গৰু, ম'হ, ছাগলী আদিয়ে খাদ্য দুবাৰকৈ চোবায়। তেওঁলোকৰ পাকস্থলীৰ চাৰিটা প্ৰকোষ্ঠ থাকে। এককোষী জীৱ যেনে এমিবাই (Amoeba) ছদ্মপদৰ সহায়ত খাদ্য গ্ৰহণ কৰে।

ৰোমন্থক (Ruminant) প্ৰাণী যেনে গৰু, ম'হ, ছাগলী আদিয়ে খাদ্য দুবাৰকৈ চোবায়। তেওঁলোকৰ পাকস্থলীৰ চাৰিটা প্ৰকোষ্ঠ থাকে। এককোষী জীৱ যেনে এমিবাই (Amoeba) ছদ্মপদৰ সহায়ত খাদ্য গ্ৰহণ কৰে।
